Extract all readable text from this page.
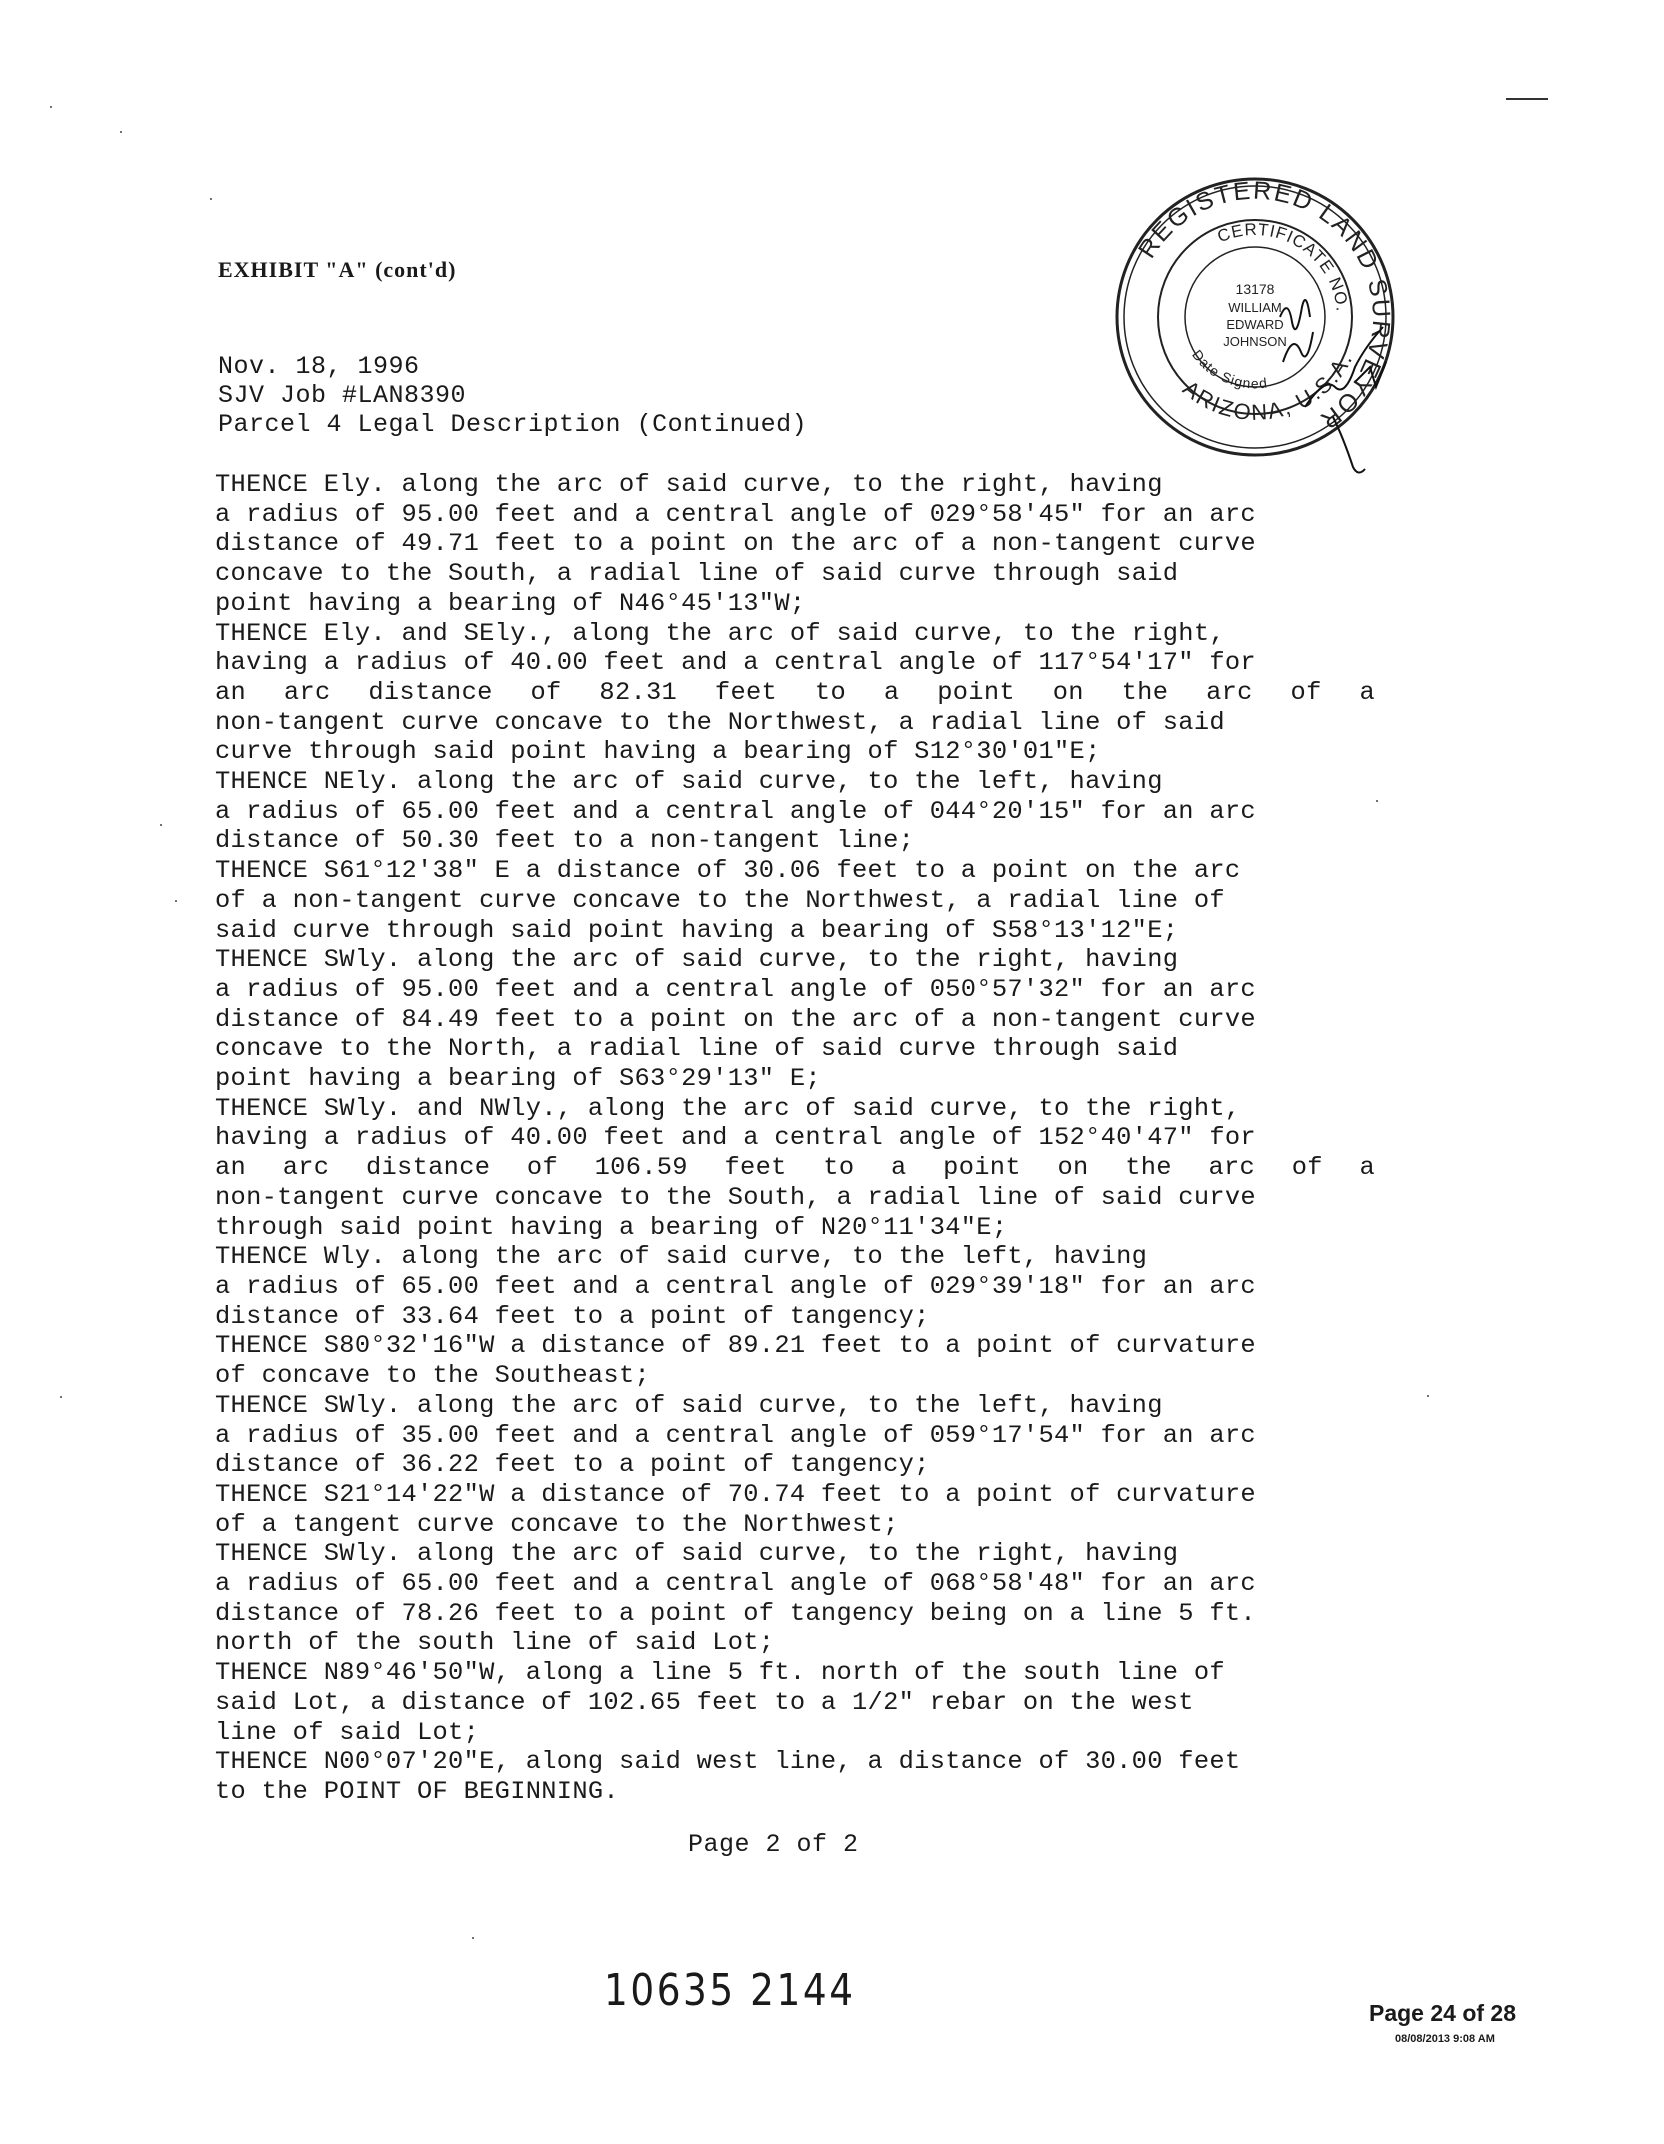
EXHIBIT "A" (cont'd)
Nov. 18, 1996
SJV Job #LAN8390
Parcel 4 Legal Description (Continued)
THENCE Ely. along the arc of said curve, to the right, having
a radius of 95.00 feet and a central angle of 029°58'45" for an arc
distance of 49.71 feet to a point on the arc of a non-tangent curve
concave to the South, a radial line of said curve through said
point having a bearing of N46°45'13"W;
THENCE Ely. and SEly., along the arc of said curve, to the right,
having a radius of 40.00 feet and a central angle of 117°54'17" for
an arc distance of 82.31 feet to a point on the arc of a
non-tangent curve concave to the Northwest, a radial line of said
curve through said point having a bearing of S12°30'01"E;
THENCE NEly. along the arc of said curve, to the left, having
a radius of 65.00 feet and a central angle of 044°20'15" for an arc
distance of 50.30 feet to a non-tangent line;
THENCE S61°12'38" E a distance of 30.06 feet to a point on the arc
of a non-tangent curve concave to the Northwest, a radial line of
said curve through said point having a bearing of S58°13'12"E;
THENCE SWly. along the arc of said curve, to the right, having
a radius of 95.00 feet and a central angle of 050°57'32" for an arc
distance of 84.49 feet to a point on the arc of a non-tangent curve
concave to the North, a radial line of said curve through said
point having a bearing of S63°29'13" E;
THENCE SWly. and NWly., along the arc of said curve, to the right,
having a radius of 40.00 feet and a central angle of 152°40'47" for
an arc distance of 106.59 feet to a point on the arc of a
non-tangent curve concave to the South, a radial line of said curve
through said point having a bearing of N20°11'34"E;
THENCE Wly. along the arc of said curve, to the left, having
a radius of 65.00 feet and a central angle of 029°39'18" for an arc
distance of 33.64 feet to a point of tangency;
THENCE S80°32'16"W a distance of 89.21 feet to a point of curvature
of concave to the Southeast;
THENCE SWly. along the arc of said curve, to the left, having
a radius of 35.00 feet and a central angle of 059°17'54" for an arc
distance of 36.22 feet to a point of tangency;
THENCE S21°14'22"W a distance of 70.74 feet to a point of curvature
of a tangent curve concave to the Northwest;
THENCE SWly. along the arc of said curve, to the right, having
a radius of 65.00 feet and a central angle of 068°58'48" for an arc
distance of 78.26 feet to a point of tangency being on a line 5 ft.
north of the south line of said Lot;
THENCE N89°46'50"W, along a line 5 ft. north of the south line of
said Lot, a distance of 102.65 feet to a 1/2" rebar on the west
line of said Lot;
THENCE N00°07'20"E, along said west line, a distance of 30.00 feet
to the POINT OF BEGINNING.
Page 2 of 2
10635 2144	Page 24 of 28
08/08/2013 9:08 AM
REGISTERED LAND SURVEYOR
CERTIFICATE NO.
ARIZONA, U.S.A.
Date Signed
13178
WILLIAM
EDWARD
JOHNSON
